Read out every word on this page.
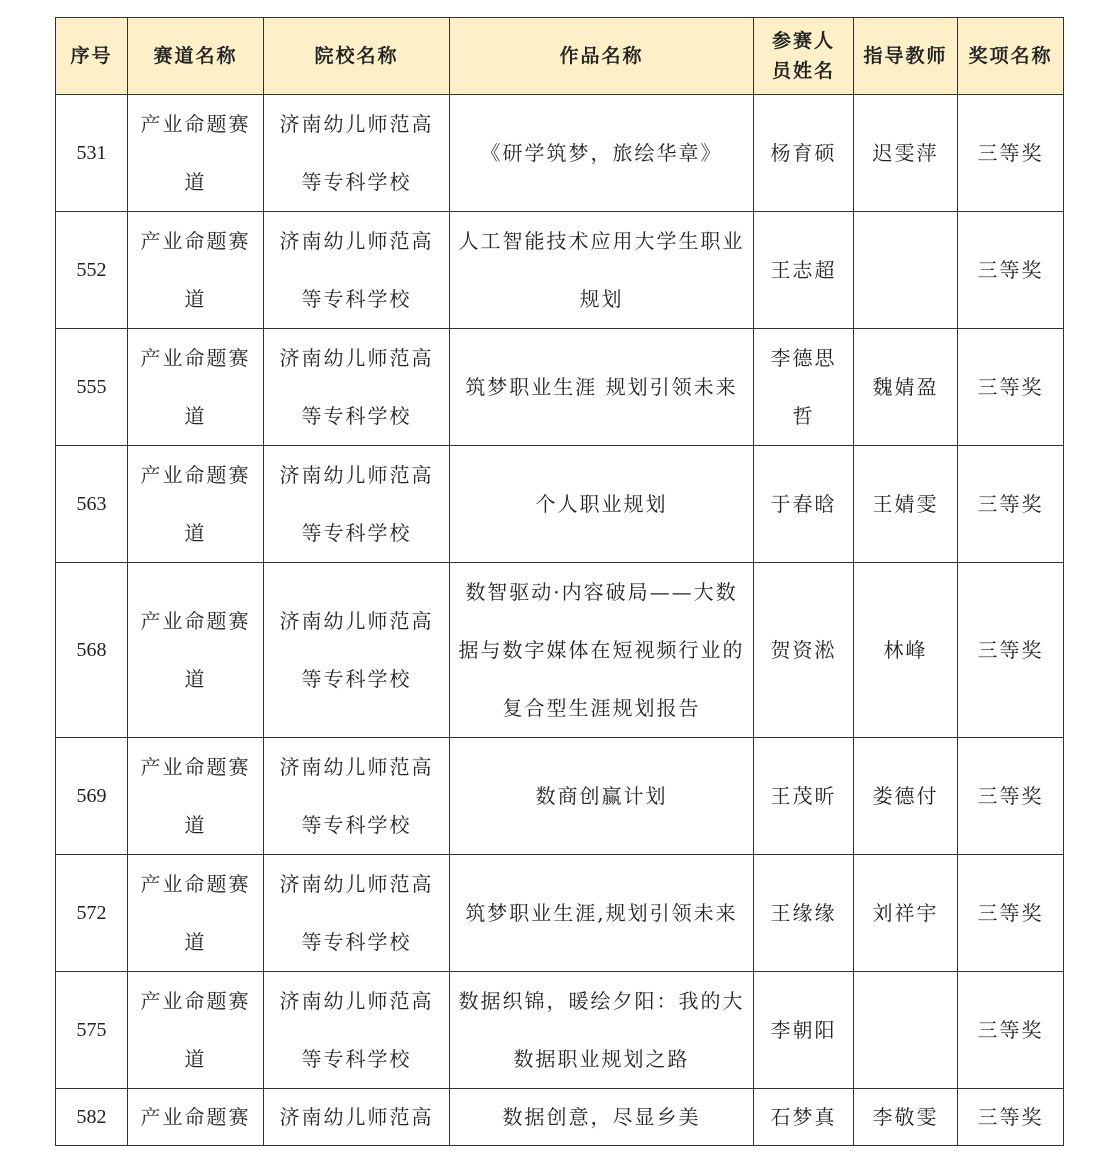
序号	赛道名称	院校名称	作品名称	参赛人员姓名	指导教师	奖项名称
531	产业命题赛道	济南幼儿师范高等专科学校	《研学筑梦，旅绘华章》	杨育硕	迟雯萍	三等奖
552	产业命题赛道	济南幼儿师范高等专科学校	人工智能技术应用大学生职业规划	王志超		三等奖
555	产业命题赛道	济南幼儿师范高等专科学校	筑梦职业生涯 规划引领未来	李德思哲	魏婧盈	三等奖
563	产业命题赛道	济南幼儿师范高等专科学校	个人职业规划	于春晗	王婧雯	三等奖
568	产业命题赛道	济南幼儿师范高等专科学校	数智驱动·内容破局——大数据与数字媒体在短视频行业的复合型生涯规划报告	贺资淞	林峰	三等奖
569	产业命题赛道	济南幼儿师范高等专科学校	数商创赢计划	王茂昕	娄德付	三等奖
572	产业命题赛道	济南幼儿师范高等专科学校	筑梦职业生涯,规划引领未来	王缘缘	刘祥宇	三等奖
575	产业命题赛道	济南幼儿师范高等专科学校	数据织锦，暖绘夕阳：我的大数据职业规划之路	李朝阳		三等奖
582	产业命题赛	济南幼儿师范高	数据创意，尽显乡美	石梦真	李敬雯	三等奖
